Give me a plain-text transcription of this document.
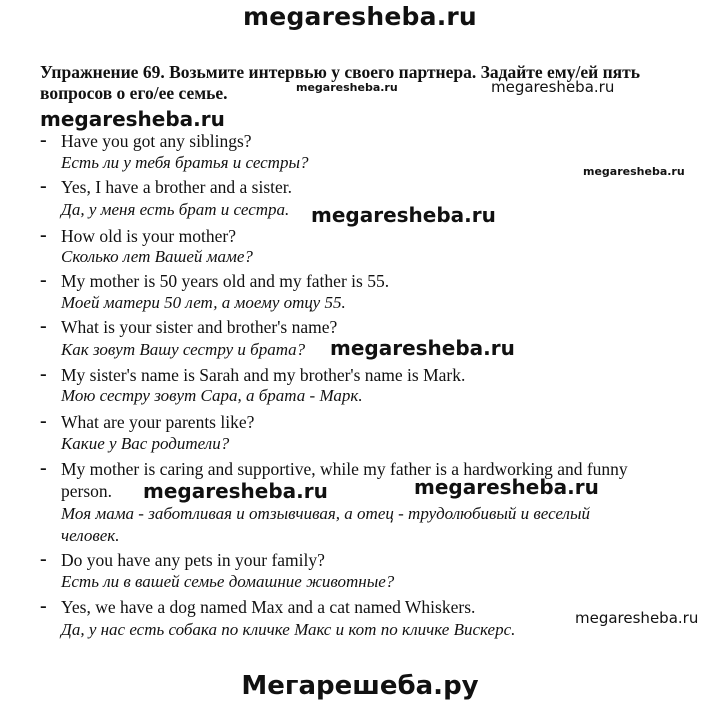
megaresheba.ru
Упражнение 69. Возьмите интервью у своего партнера. Задайте ему/ей пять
вопросов о его/ее семье.	megaresheba.ru	megaresheba.ru
megaresheba.ru
- Have you got any siblings?
Есть ли у тебя братья и сестры?	megaresheba.ru
- Yes, I have a brother and a sister.
Да, у меня есть брат и сестра. megaresheba.ru
- How old is your mother?
Сколько лет Вашей маме?
- My mother is 50 years old and my father is 55.
Моей матери 50 лет, а моему отцу 55.
- What is your sister and brother's name?
Как зовут Вашу сестру и брата? megaresheba.ru
- My sister's name is Sarah and my brother's name is Mark.
Мою сестру зовут Сара, а брата - Марк.
- What are your parents like?
Какие у Вас родители?
- My mother is caring and supportive, while my father is a hardworking and funny
person. megaresheba.ru	megaresheba.ru
Моя мама - заботливая и отзывчивая, а отец - трудолюбивый и веселый
человек.
- Do you have any pets in your family?
Есть ли в вашей семье домашние животные?
- Yes, we have a dog named Max and a cat named Whiskers.
megaresheba.ru
Да, у нас есть собака по кличке Макс и кот по кличке Вискерс.
Мегарешеба.ру
